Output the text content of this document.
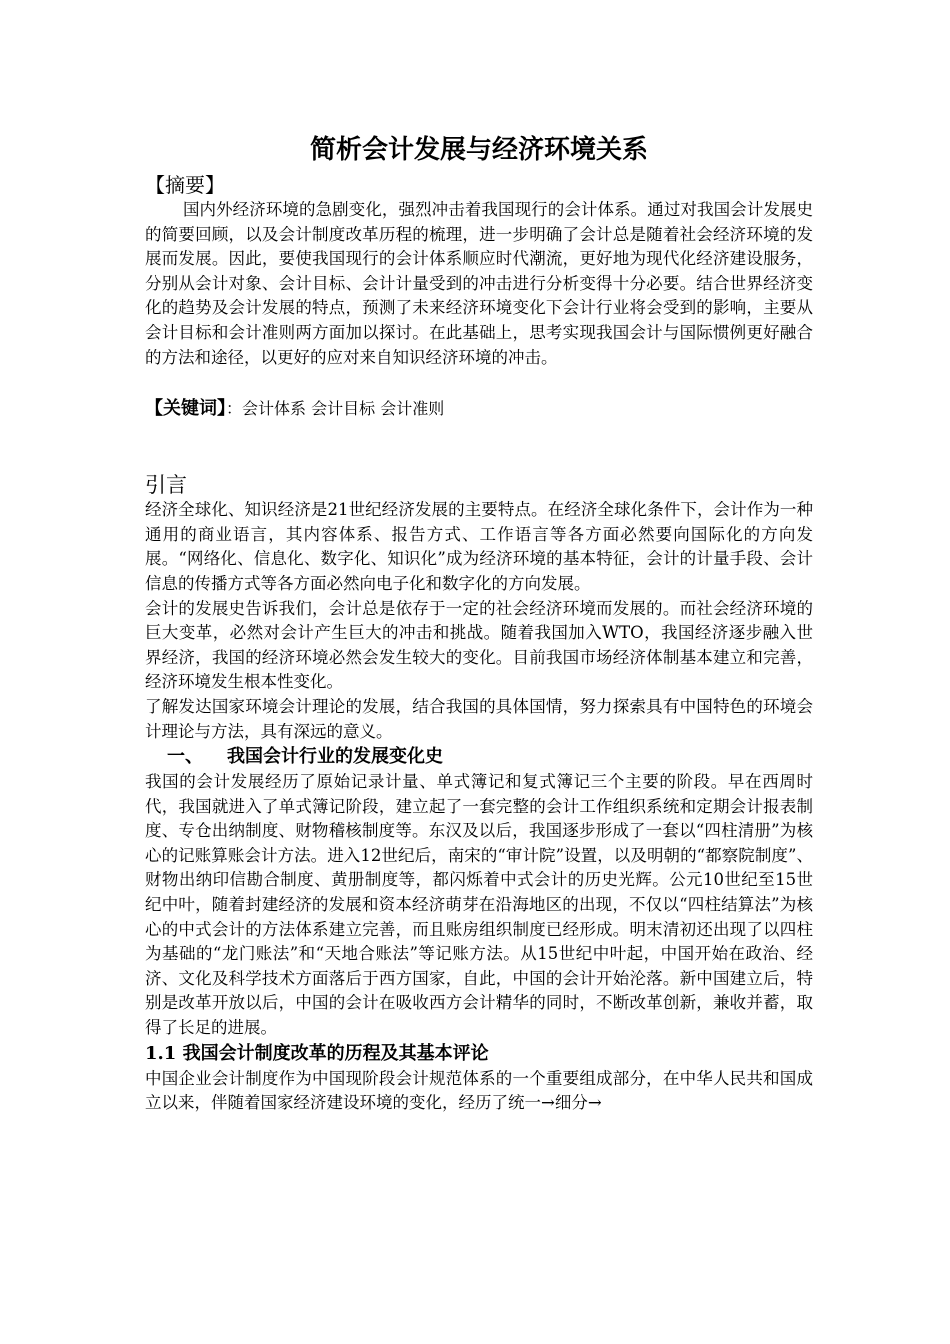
简析会计发展与经济环境关系
【摘要】

国内外经济环境的急剧变化，强烈冲击着我国现行的会计体系。通过对我国会计发展史的简要回顾，以及会计制度改革历程的梳理，进一步明确了会计总是随着社会经济环境的发展而发展。因此，要使我国现行的会计体系顺应时代潮流，更好地为现代化经济建设服务，分别从会计对象、会计目标、会计计量受到的冲击进行分析变得十分必要。结合世界经济变化的趋势及会计发展的特点，预测了未来经济环境变化下会计行业将会受到的影响，主要从会计目标和会计准则两方面加以探讨。在此基础上，思考实现我国会计与国际惯例更好融合的方法和途径，以更好的应对来自知识经济环境的冲击。

【关键词】：会计体系 会计目标 会计准则
引言

经济全球化、知识经济是21世纪经济发展的主要特点。在经济全球化条件下，会计作为一种通用的商业语言，其内容体系、报告方式、工作语言等各方面必然要向国际化的方向发展。“网络化、信息化、数字化、知识化”成为经济环境的基本特征，会计的计量手段、会计信息的传播方式等各方面必然向电子化和数字化的方向发展。

会计的发展史告诉我们，会计总是依存于一定的社会经济环境而发展的。而社会经济环境的巨大变革，必然对会计产生巨大的冲击和挑战。随着我国加入WTO，我国经济逐步融入世界经济，我国的经济环境必然会发生较大的变化。目前我国市场经济体制基本建立和完善，经济环境发生根本性变化。

了解发达国家环境会计理论的发展，结合我国的具体国情，努力探索具有中国特色的环境会计理论与方法，具有深远的意义。

一、 我国会计行业的发展变化史

我国的会计发展经历了原始记录计量、单式簿记和复式簿记三个主要的阶段。早在西周时代，我国就进入了单式簿记阶段，建立起了一套完整的会计工作组织系统和定期会计报表制度、专仓出纳制度、财物稽核制度等。东汉及以后，我国逐步形成了一套以“四柱清册”为核心的记账算账会计方法。进入12世纪后，南宋的“审计院”设置，以及明朝的“都察院制度”、财物出纳印信勘合制度、黄册制度等，都闪烁着中式会计的历史光辉。公元10世纪至15世纪中叶，随着封建经济的发展和资本经济萌芽在沿海地区的出现，不仅以“四柱结算法”为核心的中式会计的方法体系建立完善，而且账房组织制度已经形成。明末清初还出现了以四柱为基础的“龙门账法”和“天地合账法”等记账方法。从15世纪中叶起，中国开始在政治、经济、文化及科学技术方面落后于西方国家，自此，中国的会计开始沦落。新中国建立后，特别是改革开放以后，中国的会计在吸收西方会计精华的同时，不断改革创新，兼收并蓄，取得了长足的进展。

1.1 我国会计制度改革的历程及其基本评论

中国企业会计制度作为中国现阶段会计规范体系的一个重要组成部分，在中华人民共和国成立以来，伴随着国家经济建设环境的变化，经历了统一→细分→
